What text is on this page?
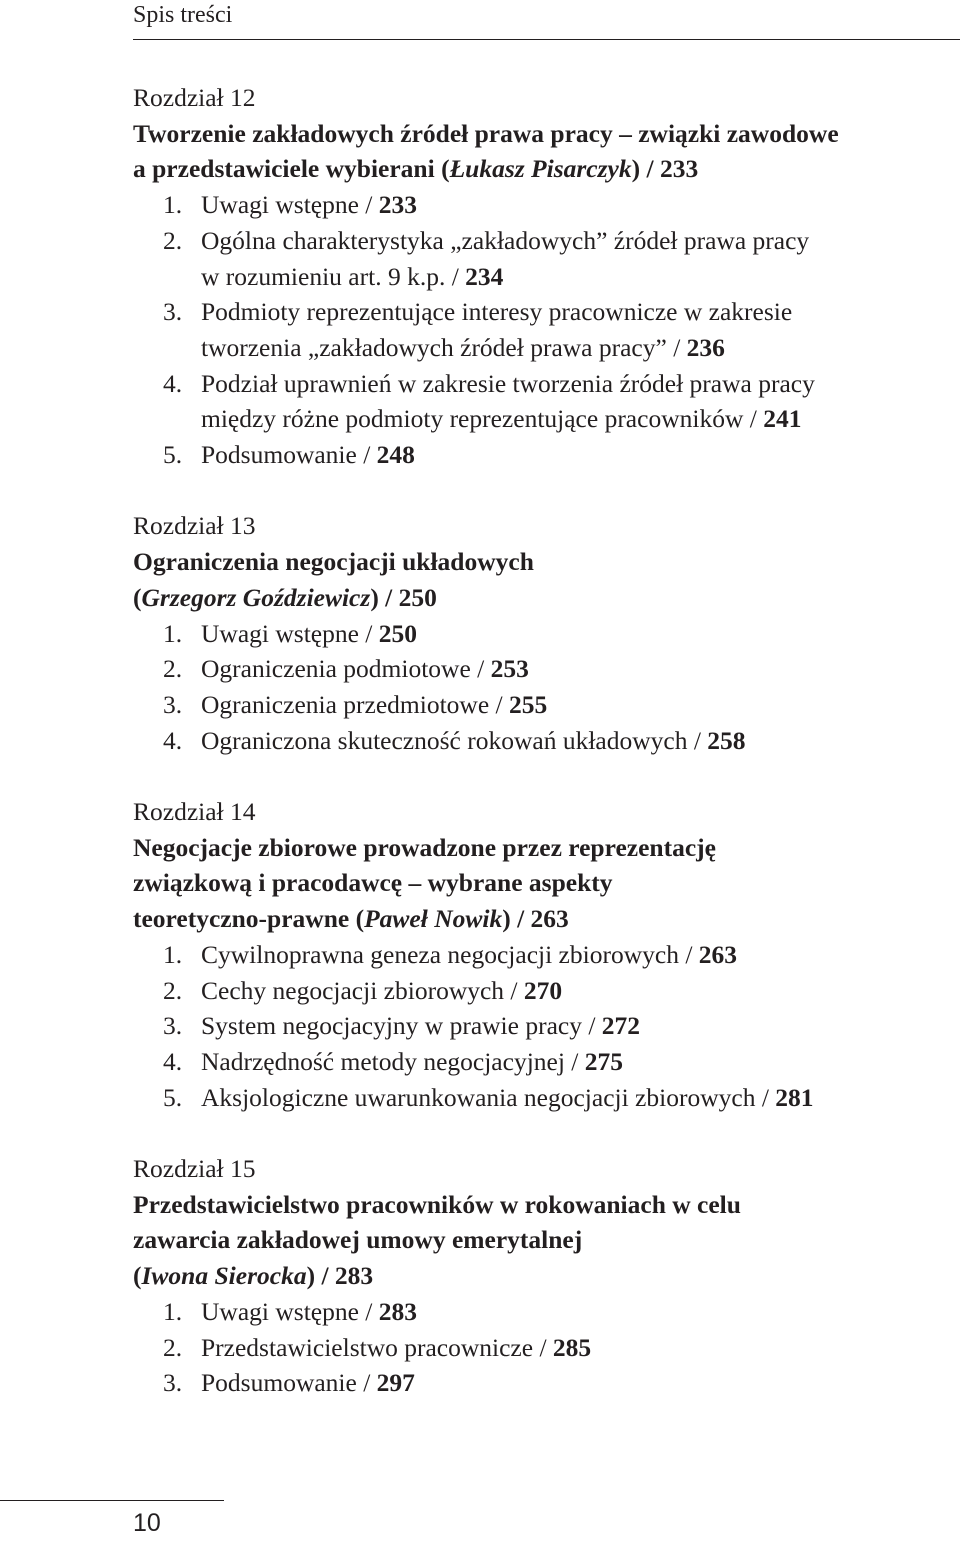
Spis treści
Rozdział 12
Tworzenie zakładowych źródeł prawa pracy – związki zawodowe
a przedstawiciele wybierani (Łukasz Pisarczyk) / 233
1. Uwagi wstępne / 233
2. Ogólna charakterystyka „zakładowych” źródeł prawa pracy
w rozumieniu art. 9 k.p. / 234
3. Podmioty reprezentujące interesy pracownicze w zakresie
tworzenia „zakładowych źródeł prawa pracy” / 236
4. Podział uprawnień w zakresie tworzenia źródeł prawa pracy
między różne podmioty reprezentujące pracowników / 241
5. Podsumowanie / 248
Rozdział 13
Ograniczenia negocjacji układowych
(Grzegorz Goździewicz) / 250
1. Uwagi wstępne / 250
2. Ograniczenia podmiotowe / 253
3. Ograniczenia przedmiotowe / 255
4. Ograniczona skuteczność rokowań układowych / 258
Rozdział 14
Negocjacje zbiorowe prowadzone przez reprezentację
związkową i pracodawcę – wybrane aspekty
teoretyczno-prawne (Paweł Nowik) / 263
1. Cywilnoprawna geneza negocjacji zbiorowych / 263
2. Cechy negocjacji zbiorowych / 270
3. System negocjacyjny w prawie pracy / 272
4. Nadrzędność metody negocjacyjnej / 275
5. Aksjologiczne uwarunkowania negocjacji zbiorowych / 281
Rozdział 15
Przedstawicielstwo pracowników w rokowaniach w celu
zawarcia zakładowej umowy emerytalnej
(Iwona Sierocka) / 283
1. Uwagi wstępne / 283
2. Przedstawicielstwo pracownicze / 285
3. Podsumowanie / 297
10
